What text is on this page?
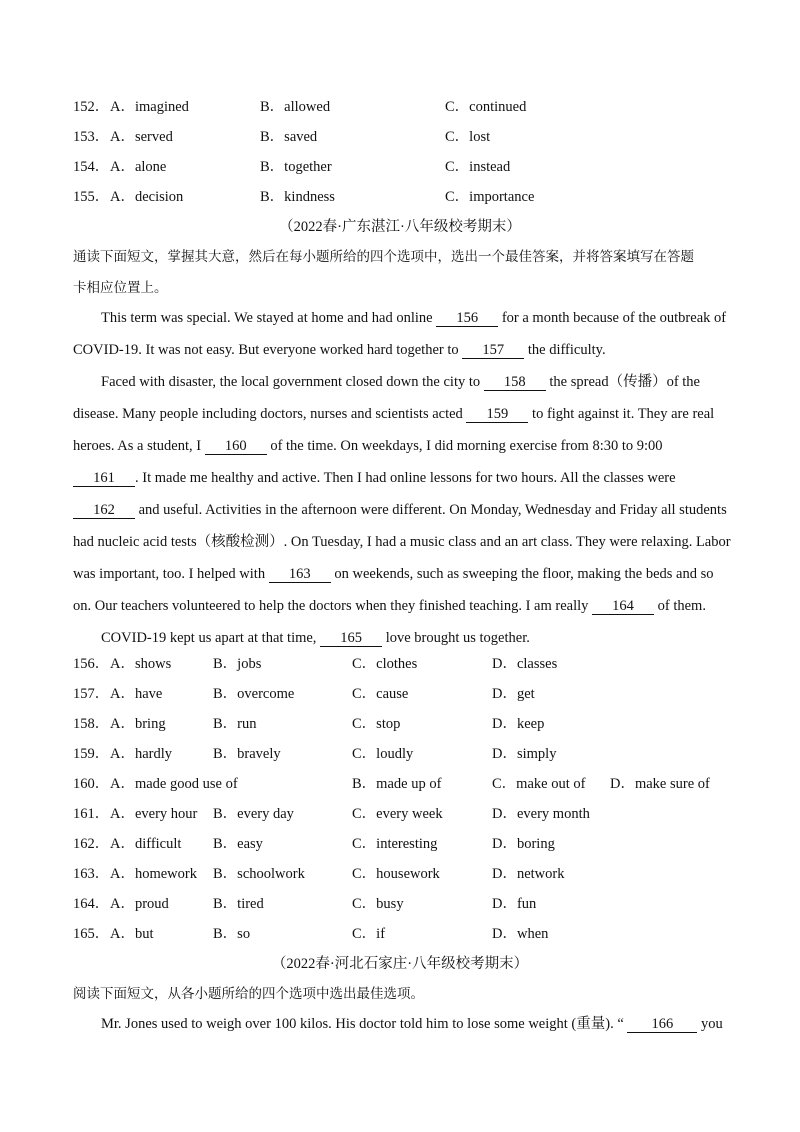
152． A．imagined	B．allowed	C．continued
153． A．served	B．saved	C．lost
154． A．alone	B．together	C．instead
155． A．decision	B．kindness	C．importance
（2022春·广东湛江·八年级校考期末）
通读下面短文，掌握其大意，然后在每小题所给的四个选项中，选出一个最佳答案，并将答案填写在答题
卡相应位置上。
This term was special. We stayed at home and had online 156 for a month because of the outbreak of
COVID-19. It was not easy. But everyone worked hard together to 157 the difficulty.
Faced with disaster, the local government closed down the city to 158 the spread（传播）of the
disease. Many people including doctors, nurses and scientists acted 159 to fight against it. They are real
heroes. As a student, I 160 of the time. On weekdays, I did morning exercise from 8:30 to 9:00
161 . It made me healthy and active. Then I had online lessons for two hours. All the classes were
162 and useful. Activities in the afternoon were different. On Monday, Wednesday and Friday all students
had nucleic acid tests（核酸检测）. On Tuesday, I had a music class and an art class. They were relaxing. Labor
was important, too. I helped with 163 on weekends, such as sweeping the floor, making the beds and so
on. Our teachers volunteered to help the doctors when they finished teaching. I am really 164 of them.
COVID-19 kept us apart at that time, 165 love brought us together.
156． A．shows	B．jobs	C．clothes	D．classes
157． A．have	B．overcome	C．cause	D．get
158． A．bring	B．run	C．stop	D．keep
159． A．hardly	B．bravely	C．loudly	D．simply
160． A．made good use of	B．made up of	C．make out of D．make sure of
161． A．every hour B．every day	C．every week	D．every month
162． A．difficult B．easy	C．interesting	D．boring
163． A．homework B．schoolwork	C．housework	D．network
164． A．proud	B．tired	C．busy	D．fun
165． A．but	B．so	C．if	D．when
（2022春·河北石家庄·八年级校考期末）
阅读下面短文，从各小题所给的四个选项中选出最佳选项。
Mr. Jones used to weigh over 100 kilos. His doctor told him to lose some weight (重量). “ 166 you
